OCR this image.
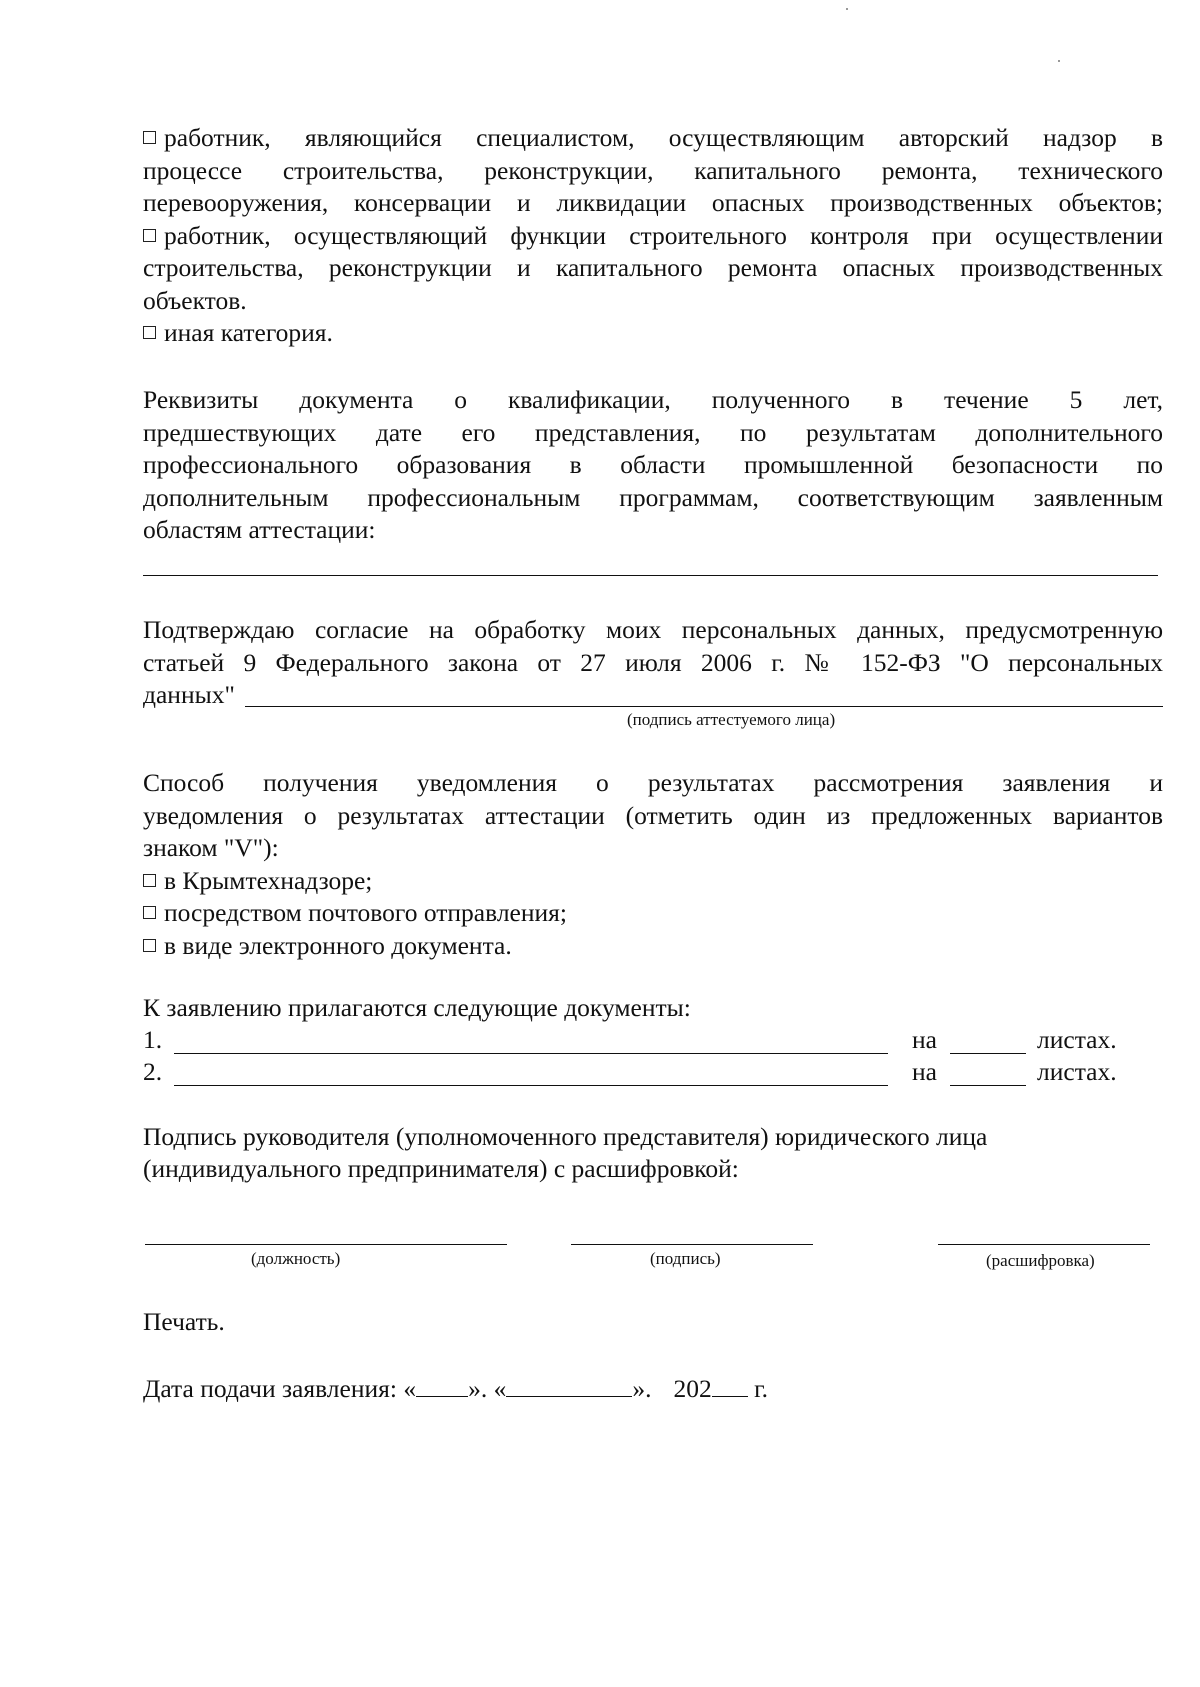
работник, являющийся специалистом, осуществляющим авторский надзор в
процессе строительства, реконструкции, капитального ремонта, технического
перевооружения, консервации и ликвидации опасных производственных объектов;
работник, осуществляющий функции строительного контроля при осуществлении
строительства, реконструкции и капитального ремонта опасных производственных
объектов.
иная категория.
Реквизиты документа о квалификации, полученного в течение 5 лет,
предшествующих дате его представления, по результатам дополнительного
профессионального образования в области промышленной безопасности по
дополнительным профессиональным программам, соответствующим заявленным
областям аттестации:
Подтверждаю согласие на обработку моих персональных данных, предусмотренную
статьей 9 Федерального закона от 27 июля 2006 г. № 152-ФЗ "О персональных
данных"
(подпись аттестуемого лица)
Способ получения уведомления о результатах рассмотрения заявления и
уведомления о результатах аттестации (отметить один из предложенных вариантов
знаком "V"):
в Крымтехнадзоре;
посредством почтового отправления;
в виде электронного документа.
К заявлению прилагаются следующие документы:
1.	на	листах.
2.	на	листах.
Подпись руководителя (уполномоченного представителя) юридического лица
(индивидуального предпринимателя) с расшифровкой:
(должность)	(подпись)	(расшифровка)
Печать.
Дата подачи заявления: « ». «	». 202 г.
